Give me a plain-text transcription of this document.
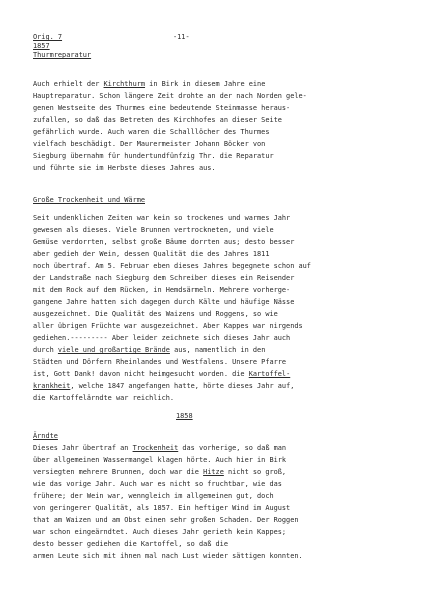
Orig. 7	-11-
1857
Thurmreparatur
Auch erhielt der Kirchthurm in Birk in diesem Jahre eine
Hauptreparatur. Schon längere Zeit drohte an der nach Norden gele-
genen Westseite des Thurmes eine bedeutende Steinmasse heraus-
zufallen, so daß das Betreten des Kirchhofes an dieser Seite
gefährlich wurde. Auch waren die Schalllöcher des Thurmes
vielfach beschädigt. Der Maurermeister Johann Böcker von
Siegburg übernahm für hundertundfünfzig Thr. die Reparatur
und führte sie im Herbste dieses Jahres aus.
Große Trockenheit und Wärme
Seit undenklichen Zeiten war kein so trockenes und warmes Jahr
gewesen als dieses. Viele Brunnen vertrockneten, und viele
Gemüse verdorrten, selbst große Bäume dorrten aus; desto besser
aber gedieh der Wein, dessen Qualität die des Jahres 1811
noch übertraf. Am 5. Februar eben dieses Jahres begegnete schon auf
der Landstraße nach Siegburg dem Schreiber dieses ein Reisender
mit dem Rock auf dem Rücken, in Hemdsärmeln. Mehrere vorherge-
gangene Jahre hatten sich dagegen durch Kälte und häufige Nässe
ausgezeichnet. Die Qualität des Waizens und Roggens, so wie
aller übrigen Früchte war ausgezeichnet. Aber Kappes war nirgends
gediehen.--------- Aber leider zeichnete sich dieses Jahr auch
durch viele und großartige Brände aus, namentlich in den
Städten und Dörfern Rheinlandes und Westfalens. Unsere Pfarre
ist, Gott Dank! davon nicht heimgesucht worden. die Kartoffel-
krankheit, welche 1847 angefangen hatte, hörte dieses Jahr auf,
die Kartoffelärndte war reichlich.
1858
Ärndte
Dieses Jahr übertraf an Trockenheit das vorherige, so daß man
über allgemeinen Wassermangel klagen hörte. Auch hier in Birk
versiegten mehrere Brunnen, doch war die Hitze nicht so groß,
wie das vorige Jahr. Auch war es nicht so fruchtbar, wie das
frühere; der Wein war, wenngleich im allgemeinen gut, doch
von geringerer Qualität, als 1857. Ein heftiger Wind im August
that am Waizen und am Obst einen sehr großen Schaden. Der Roggen
war schon eingeärndtet. Auch dieses Jahr gerieth kein Kappes;
desto besser gediehen die Kartoffel, so daß die
armen Leute sich mit ihnen mal nach Lust wieder sättigen konnten.
